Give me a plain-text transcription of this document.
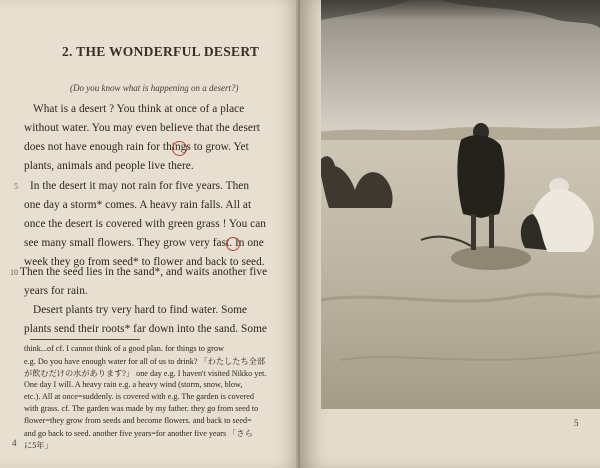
2. THE WONDERFUL DESERT
(Do you know what is happening on a desert?)
What is a desert ? You think at once of a place
without water. You may even believe that the desert
does not have enough rain for things to grow. Yet
plants, animals and people live there.
5 In the desert it may not rain for five years. Then
one day a storm* comes. A heavy rain falls. All at
once the desert is covered with green grass ! You can
see many small flowers. They grow very fast. In one
week they go from seed* to flower and back to seed.
10 Then the seed lies in the sand*, and waits another five
years for rain.
Desert plants try very hard to find water. Some
plants send their roots* far down into the sand. Some
think...of cf. I cannot think of a good plan. for things to grow
e.g. Do you have enough water for all of us to drink? 「わたしたち全部
が飲むだけの水があります?」 one day e.g. I haven't visited Nikko yet.
One day I will. A heavy rain e.g. a heavy wind (storm, snow, blow,
etc.). All at once=suddenly. is covered with e.g. The garden is covered
with grass. cf. The garden was made by my father. they go from seed to
flower=they grow from seeds and become flowers. and back to seed=
and go back to seed. another five years=for another five years 「さら
に5年」
4
5
